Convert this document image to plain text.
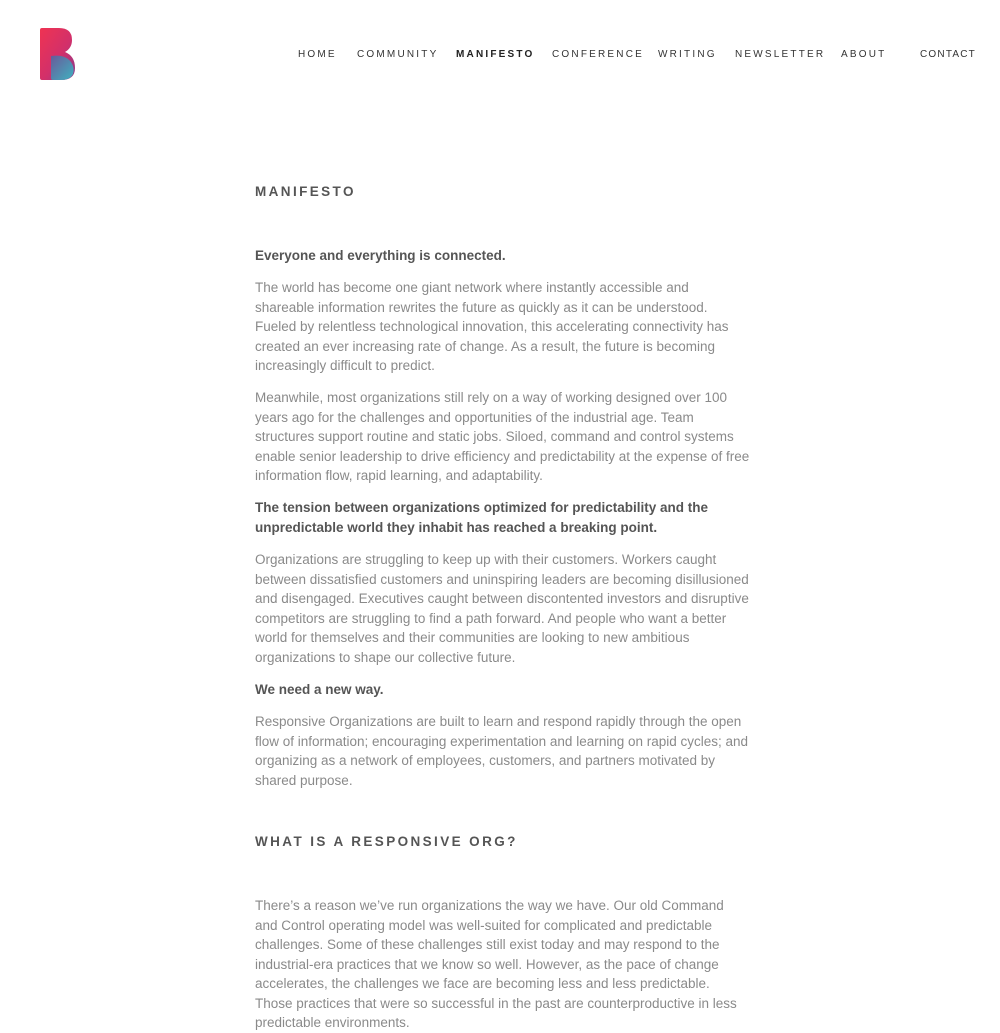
HOME COMMUNITY MANIFESTO CONFERENCE WRITING NEWSLETTER ABOUT	CONTACT
MANIFESTO

Everyone and everything is connected.

The world has become one giant network where instantly accessible and shareable information rewrites the future as quickly as it can be understood. Fueled by relentless technological innovation, this accelerating connectivity has created an ever increasing rate of change. As a result, the future is becoming increasingly difficult to predict.

Meanwhile, most organizations still rely on a way of working designed over 100 years ago for the challenges and opportunities of the industrial age. Team structures support routine and static jobs. Siloed, command and control systems enable senior leadership to drive efficiency and predictability at the expense of free information flow, rapid learning, and adaptability.

The tension between organizations optimized for predictability and the unpredictable world they inhabit has reached a breaking point.

Organizations are struggling to keep up with their customers. Workers caught between dissatisfied customers and uninspiring leaders are becoming disillusioned and disengaged. Executives caught between discontented investors and disruptive competitors are struggling to find a path forward. And people who want a better world for themselves and their communities are looking to new ambitious organizations to shape our collective future.

We need a new way.

Responsive Organizations are built to learn and respond rapidly through the open flow of information; encouraging experimentation and learning on rapid cycles; and organizing as a network of employees, customers, and partners motivated by shared purpose.

WHAT IS A RESPONSIVE ORG?

There’s a reason we’ve run organizations the way we have. Our old Command and Control operating model was well-suited for complicated and predictable challenges. Some of these challenges still exist today and may respond to the industrial-era practices that we know so well. However, as the pace of change accelerates, the challenges we face are becoming less and less predictable. Those practices that were so successful in the past are counterproductive in less predictable environments.
